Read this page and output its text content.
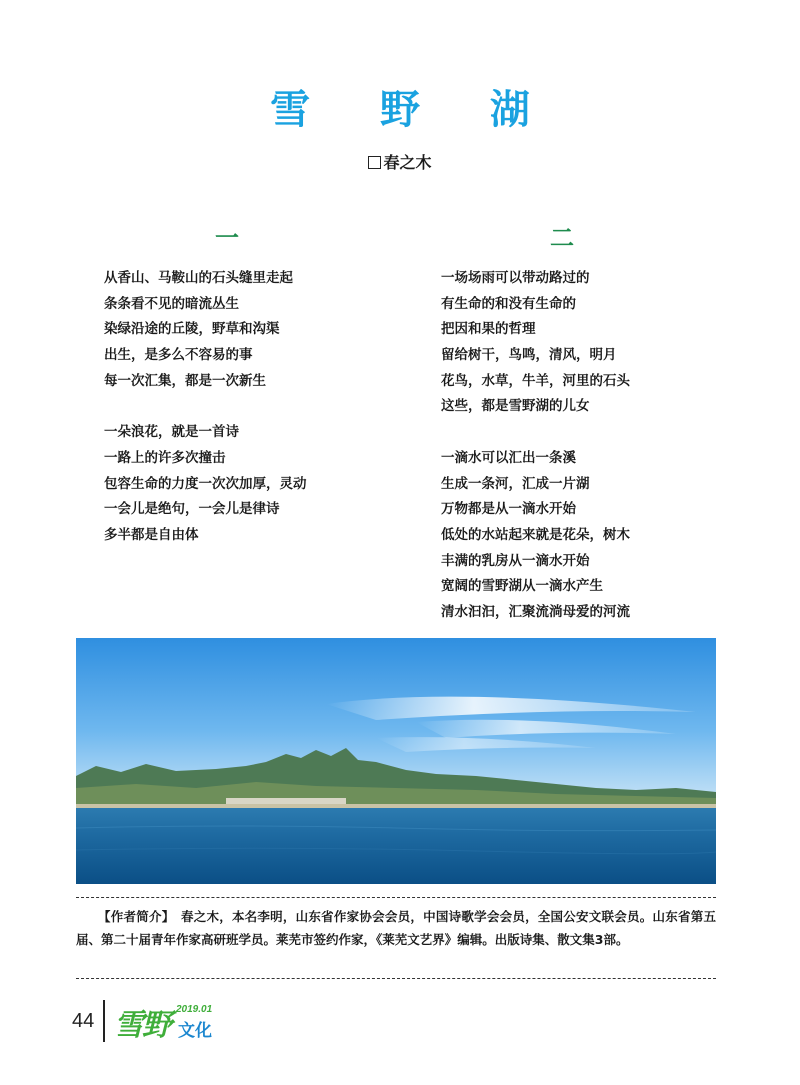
雪 野 湖
春之木
一	二
从香山、马鞍山的石头缝里走起
条条看不见的暗流丛生
染绿沿途的丘陵，野草和沟渠
出生，是多么不容易的事
每一次汇集，都是一次新生
一朵浪花，就是一首诗
一路上的许多次撞击
包容生命的力度一次次加厚，灵动
一会儿是绝句，一会儿是律诗
多半都是自由体
一场场雨可以带动路过的
有生命的和没有生命的
把因和果的哲理
留给树干，鸟鸣，清风，明月
花鸟，水草，牛羊，河里的石头
这些，都是雪野湖的儿女
一滴水可以汇出一条溪
生成一条河，汇成一片湖
万物都是从一滴水开始
低处的水站起来就是花朵，树木
丰满的乳房从一滴水开始
宽阔的雪野湖从一滴水产生
清水汩汩，汇聚流淌母爱的河流
【作者简介】　春之木，本名李明，山东省作家协会会员，中国诗歌学会会员，全国公安文联会员。山东省第五届、第二十届青年作家高研班学员。莱芜市签约作家，《莱芜文艺界》编辑。出版诗集、散文集3部。
44 雪野 2019.01
文化
